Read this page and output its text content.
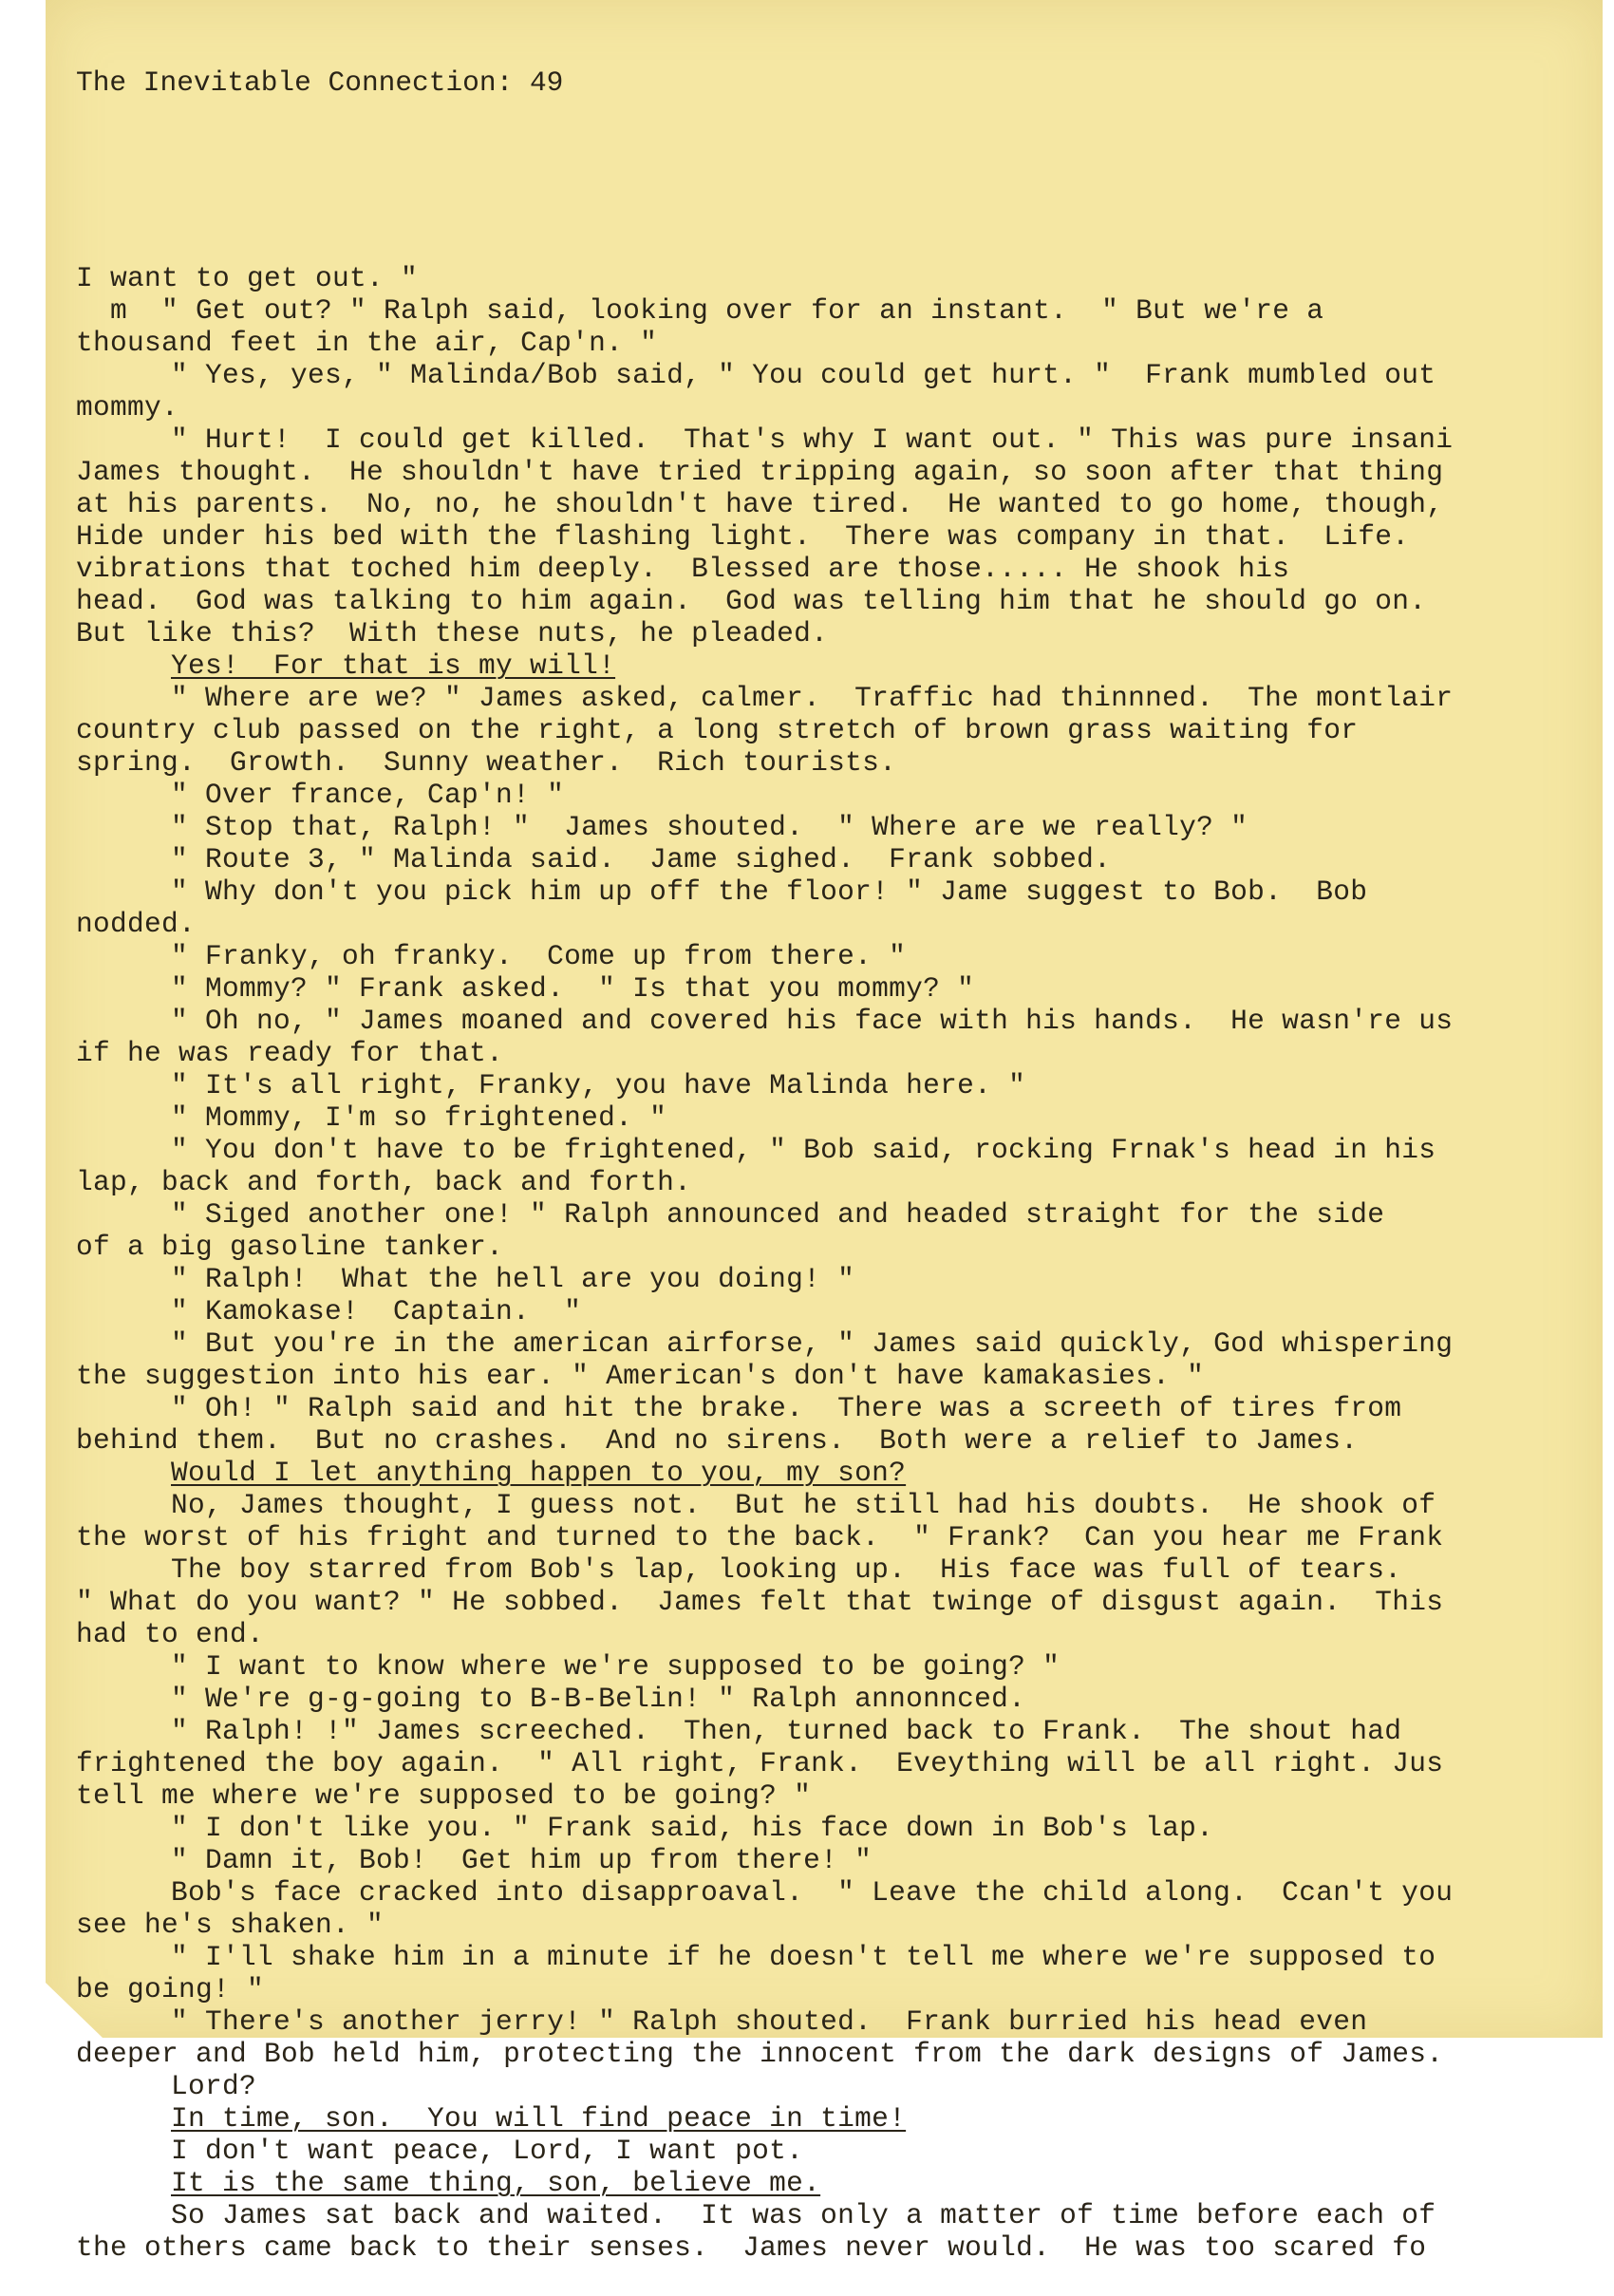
The Inevitable Connection: 49

I want to get out. "
m  " Get out? " Ralph said, looking over for an instant.  " But we're a
thousand feet in the air, Cap'n. "
" Yes, yes, " Malinda/Bob said, " You could get hurt. "  Frank mumbled out
mommy.
" Hurt!  I could get killed.  That's why I want out. " This was pure insani
James thought.  He shouldn't have tried tripping again, so soon after that thing
at his parents.  No, no, he shouldn't have tired.  He wanted to go home, though,
Hide under his bed with the flashing light.  There was company in that.  Life.
vibrations that toched him deeply.  Blessed are those..... He shook his
head.  God was talking to him again.  God was telling him that he should go on.
But like this?  With these nuts, he pleaded.
Yes!  For that is my will!
" Where are we? " James asked, calmer.  Traffic had thinnned.  The montlair
country club passed on the right, a long stretch of brown grass waiting for
spring.  Growth.  Sunny weather.  Rich tourists.
" Over france, Cap'n! "
" Stop that, Ralph! "  James shouted.  " Where are we really? "
" Route 3, " Malinda said.  Jame sighed.  Frank sobbed.
" Why don't you pick him up off the floor! " Jame suggest to Bob.  Bob
nodded.
" Franky, oh franky.  Come up from there. "
" Mommy? " Frank asked.  " Is that you mommy? "
" Oh no, " James moaned and covered his face with his hands.  He wasn're us
if he was ready for that.
" It's all right, Franky, you have Malinda here. "
" Mommy, I'm so frightened. "
" You don't have to be frightened, " Bob said, rocking Frnak's head in his
lap, back and forth, back and forth.
" Siged another one! " Ralph announced and headed straight for the side
of a big gasoline tanker.
" Ralph!  What the hell are you doing! "
" Kamokase!  Captain.  "
" But you're in the american airforse, " James said quickly, God whispering
the suggestion into his ear. " American's don't have kamakasies. "
" Oh! " Ralph said and hit the brake.  There was a screeth of tires from
behind them.  But no crashes.  And no sirens.  Both were a relief to James.
Would I let anything happen to you, my son?
No, James thought, I guess not.  But he still had his doubts.  He shook of
the worst of his fright and turned to the back.  " Frank?  Can you hear me Frank
The boy starred from Bob's lap, looking up.  His face was full of tears.
" What do you want? " He sobbed.  James felt that twinge of disgust again.  This
had to end.
" I want to know where we're supposed to be going? "
" We're g-g-going to B-B-Belin! " Ralph annonnced.
" Ralph! !" James screeched.  Then, turned back to Frank.  The shout had
frightened the boy again.  " All right, Frank.  Eveything will be all right. Jus
tell me where we're supposed to be going? "
" I don't like you. " Frank said, his face down in Bob's lap.
" Damn it, Bob!  Get him up from there! "
Bob's face cracked into disapproaval.  " Leave the child along.  Ccan't you
see he's shaken. "
" I'll shake him in a minute if he doesn't tell me where we're supposed to
be going! "
" There's another jerry! " Ralph shouted.  Frank burried his head even
deeper and Bob held him, protecting the innocent from the dark designs of James.
Lord?
In time, son.  You will find peace in time!
I don't want peace, Lord, I want pot.
It is the same thing, son, believe me.
So James sat back and waited.  It was only a matter of time before each of
the others came back to their senses.  James never would.  He was too scared fo
